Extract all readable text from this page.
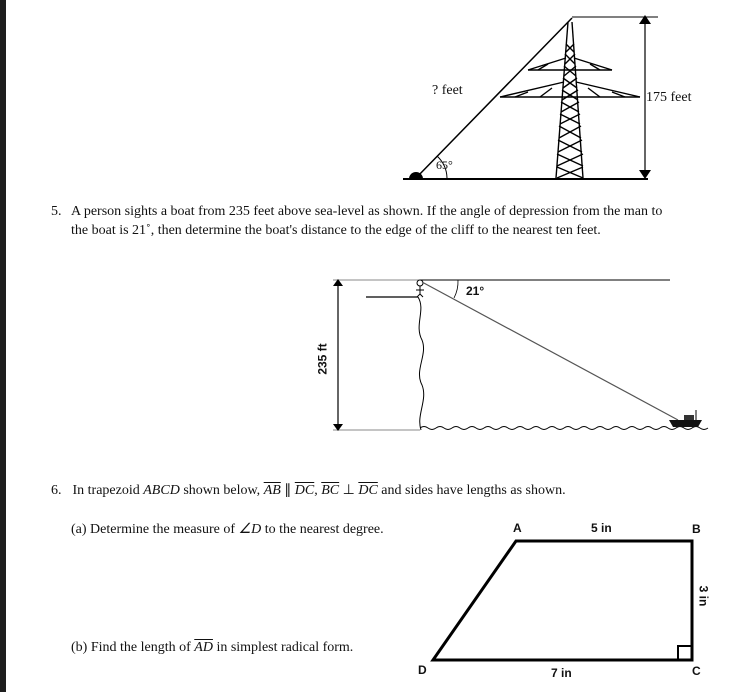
? feet
65°
175 feet
5. A person sights a boat from 235 feet above sea-level as shown. If the angle of depression from the man to
the boat is 21˚, then determine the boat's distance to the edge of the cliff to the nearest ten feet.
235 ft
21°
6. In trapezoid ABCD shown below, $\overline{AB}$ ∥ $\overline{DC}$, $\overline{BC}$ ⊥ $\overline{DC}$ and sides have lengths as shown.
(a) Determine the measure of ∠D to the nearest degree.
(b) Find the length of $\overline{AD}$ in simplest radical form.
A	B
C
D
5 in
7 in
3 in
